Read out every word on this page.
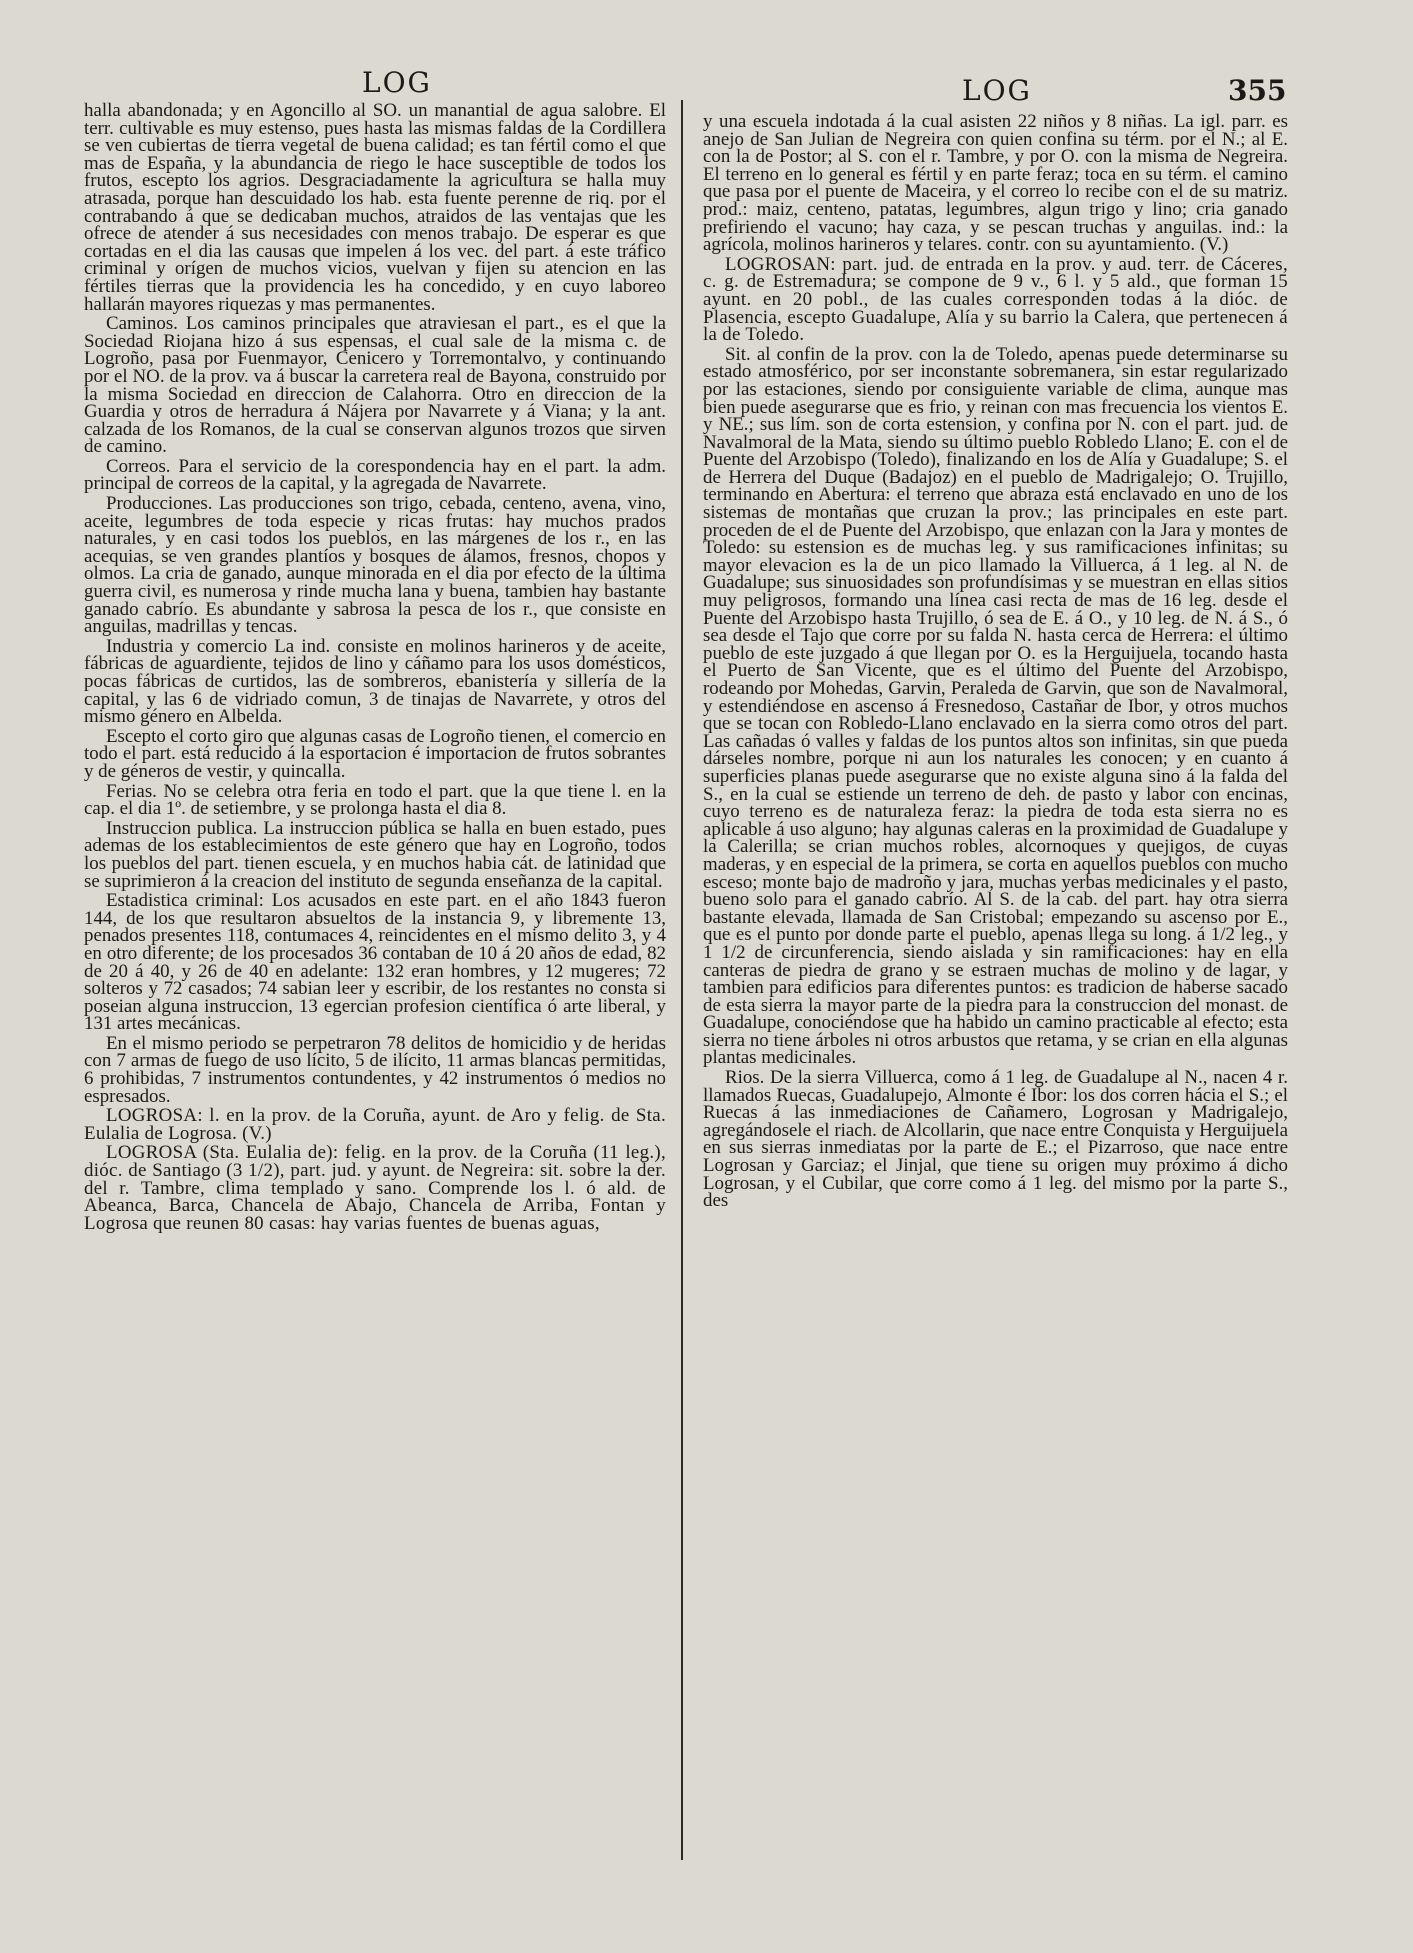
LOG	LOG	355

halla abandonada; y en Agoncillo al SO. un manantial de agua salobre. El terr. cultivable es muy estenso, pues hasta las mismas faldas de la Cordillera se ven cubiertas de tierra vegetal de buena calidad; es tan fértil como el que mas de España, y la abundancia de riego le hace susceptible de todos los frutos, escepto los agrios. Desgraciadamente la agricultura se halla muy atrasada, porque han descuidado los hab. esta fuente perenne de riq. por el contrabando á que se dedicaban muchos, atraidos de las ventajas que les ofrece de atender á sus necesidades con menos trabajo. De esperar es que cortadas en el dia las causas que impelen á los vec. del part. á este tráfico criminal y orígen de muchos vicios, vuelvan y fijen su atencion en las fértiles tierras que la providencia les ha concedido, y en cuyo laboreo hallarán mayores riquezas y mas permanentes.

Caminos. Los caminos principales que atraviesan el part., es el que la Sociedad Riojana hizo á sus espensas, el cual sale de la misma c. de Logroño, pasa por Fuenmayor, Cenicero y Torremontalvo, y continuando por el NO. de la prov. va á buscar la carretera real de Bayona, construido por la misma Sociedad en direccion de Calahorra. Otro en direccion de la Guardia y otros de herradura á Nájera por Navarrete y á Viana; y la ant. calzada de los Romanos, de la cual se conservan algunos trozos que sirven de camino.

Correos. Para el servicio de la corespondencia hay en el part. la adm. principal de correos de la capital, y la agregada de Navarrete.

Producciones. Las producciones son trigo, cebada, centeno, avena, vino, aceite, legumbres de toda especie y ricas frutas: hay muchos prados naturales, y en casi todos los pueblos, en las márgenes de los r., en las acequias, se ven grandes plantíos y bosques de álamos, fresnos, chopos y olmos. La cria de ganado, aunque minorada en el dia por efecto de la última guerra civil, es numerosa y rinde mucha lana y buena, tambien hay bastante ganado cabrío. Es abundante y sabrosa la pesca de los r., que consiste en anguilas, madrillas y tencas.

Industria y comercio La ind. consiste en molinos harineros y de aceite, fábricas de aguardiente, tejidos de lino y cáñamo para los usos domésticos, pocas fábricas de curtidos, las de sombreros, ebanistería y sillería de la capital, y las 6 de vidriado comun, 3 de tinajas de Navarrete, y otros del mismo género en Albelda.

Escepto el corto giro que algunas casas de Logroño tienen, el comercio en todo el part. está reducido á la esportacion é importacion de frutos sobrantes y de géneros de vestir, y quincalla.

Ferias. No se celebra otra feria en todo el part. que la que tiene l. en la cap. el dia 1º. de setiembre, y se prolonga hasta el dia 8.

Instruccion publica. La instruccion pública se halla en buen estado, pues ademas de los establecimientos de este género que hay en Logroño, todos los pueblos del part. tienen escuela, y en muchos habia cát. de latinidad que se suprimieron á la creacion del instituto de segunda enseñanza de la capital.

Estadistica criminal: Los acusados en este part. en el año 1843 fueron 144, de los que resultaron absueltos de la instancia 9, y libremente 13, penados presentes 118, contumaces 4, reincidentes en el mismo delito 3, y 4 en otro diferente; de los procesados 36 contaban de 10 á 20 años de edad, 82 de 20 á 40, y 26 de 40 en adelante: 132 eran hombres, y 12 mugeres; 72 solteros y 72 casados; 74 sabian leer y escribir, de los restantes no consta si poseian alguna instruccion, 13 egercian profesion científica ó arte liberal, y 131 artes mecánicas.

En el mismo periodo se perpetraron 78 delitos de homicidio y de heridas con 7 armas de fuego de uso lícito, 5 de ilícito, 11 armas blancas permitidas, 6 prohibidas, 7 instrumentos contundentes, y 42 instrumentos ó medios no espresados.

LOGROSA: l. en la prov. de la Coruña, ayunt. de Aro y felig. de Sta. Eulalia de Logrosa. (V.)

LOGROSA (Sta. Eulalia de): felig. en la prov. de la Coruña (11 leg.), dióc. de Santiago (3 1/2), part. jud. y ayunt. de Negreira: sit. sobre la der. del r. Tambre, clima templado y sano. Comprende los l. ó ald. de Abeanca, Barca, Chancela de Abajo, Chancela de Arriba, Fontan y Logrosa que reunen 80 casas: hay varias fuentes de buenas aguas,

y una escuela indotada á la cual asisten 22 niños y 8 niñas. La igl. parr. es anejo de San Julian de Negreira con quien confina su térm. por el N.; al E. con la de Postor; al S. con el r. Tambre, y por O. con la misma de Negreira. El terreno en lo general es fértil y en parte feraz; toca en su térm. el camino que pasa por el puente de Maceira, y el correo lo recibe con el de su matriz. prod.: maiz, centeno, patatas, legumbres, algun trigo y lino; cria ganado prefiriendo el vacuno; hay caza, y se pescan truchas y anguilas. ind.: la agrícola, molinos harineros y telares. contr. con su ayuntamiento. (V.)

LOGROSAN: part. jud. de entrada en la prov. y aud. terr. de Cáceres, c. g. de Estremadura; se compone de 9 v., 6 l. y 5 ald., que forman 15 ayunt. en 20 pobl., de las cuales corresponden todas á la dióc. de Plasencia, escepto Guadalupe, Alía y su barrio la Calera, que pertenecen á la de Toledo.

Sit. al confin de la prov. con la de Toledo, apenas puede determinarse su estado atmosférico, por ser inconstante sobremanera, sin estar regularizado por las estaciones, siendo por consiguiente variable de clima, aunque mas bien puede asegurarse que es frio, y reinan con mas frecuencia los vientos E. y NE.; sus lím. son de corta estension, y confina por N. con el part. jud. de Navalmoral de la Mata, siendo su último pueblo Robledo Llano; E. con el de Puente del Arzobispo (Toledo), finalizando en los de Alía y Guadalupe; S. el de Herrera del Duque (Badajoz) en el pueblo de Madrigalejo; O. Trujillo, terminando en Abertura: el terreno que abraza está enclavado en uno de los sistemas de montañas que cruzan la prov.; las principales en este part. proceden de el de Puente del Arzobispo, que enlazan con la Jara y montes de Toledo: su estension es de muchas leg. y sus ramificaciones infinitas; su mayor elevacion es la de un pico llamado la Villuerca, á 1 leg. al N. de Guadalupe; sus sinuosidades son profundísimas y se muestran en ellas sitios muy peligrosos, formando una línea casi recta de mas de 16 leg. desde el Puente del Arzobispo hasta Trujillo, ó sea de E. á O., y 10 leg. de N. á S., ó sea desde el Tajo que corre por su falda N. hasta cerca de Herrera: el último pueblo de este juzgado á que llegan por O. es la Herguijuela, tocando hasta el Puerto de San Vicente, que es el último del Puente del Arzobispo, rodeando por Mohedas, Garvin, Peraleda de Garvin, que son de Navalmoral, y estendiéndose en ascenso á Fresnedoso, Castañar de Ibor, y otros muchos que se tocan con Robledo-Llano enclavado en la sierra como otros del part. Las cañadas ó valles y faldas de los puntos altos son infinitas, sin que pueda dárseles nombre, porque ni aun los naturales les conocen; y en cuanto á superficies planas puede asegurarse que no existe alguna sino á la falda del S., en la cual se estiende un terreno de deh. de pasto y labor con encinas, cuyo terreno es de naturaleza feraz: la piedra de toda esta sierra no es aplicable á uso alguno; hay algunas caleras en la proximidad de Guadalupe y la Calerilla; se crian muchos robles, alcornoques y quejigos, de cuyas maderas, y en especial de la primera, se corta en aquellos pueblos con mucho esceso; monte bajo de madroño y jara, muchas yerbas medicinales y el pasto, bueno solo para el ganado cabrío. Al S. de la cab. del part. hay otra sierra bastante elevada, llamada de San Cristobal; empezando su ascenso por E., que es el punto por donde parte el pueblo, apenas llega su long. á 1/2 leg., y 1 1/2 de circunferencia, siendo aislada y sin ramificaciones: hay en ella canteras de piedra de grano y se estraen muchas de molino y de lagar, y tambien para edificios para diferentes puntos: es tradicion de haberse sacado de esta sierra la mayor parte de la piedra para la construccion del monast. de Guadalupe, conociéndose que ha habido un camino practicable al efecto; esta sierra no tiene árboles ni otros arbustos que retama, y se crian en ella algunas plantas medicinales.

Rios. De la sierra Villuerca, como á 1 leg. de Guadalupe al N., nacen 4 r. llamados Ruecas, Guadalupejo, Almonte é Ibor: los dos corren hácia el S.; el Ruecas á las inmediaciones de Cañamero, Logrosan y Madrigalejo, agregándosele el riach. de Alcollarin, que nace entre Conquista y Herguijuela en sus sierras inmediatas por la parte de E.; el Pizarroso, que nace entre Logrosan y Garciaz; el Jinjal, que tiene su origen muy próximo á dicho Logrosan, y el Cubilar, que corre como á 1 leg. del mismo por la parte S., des
